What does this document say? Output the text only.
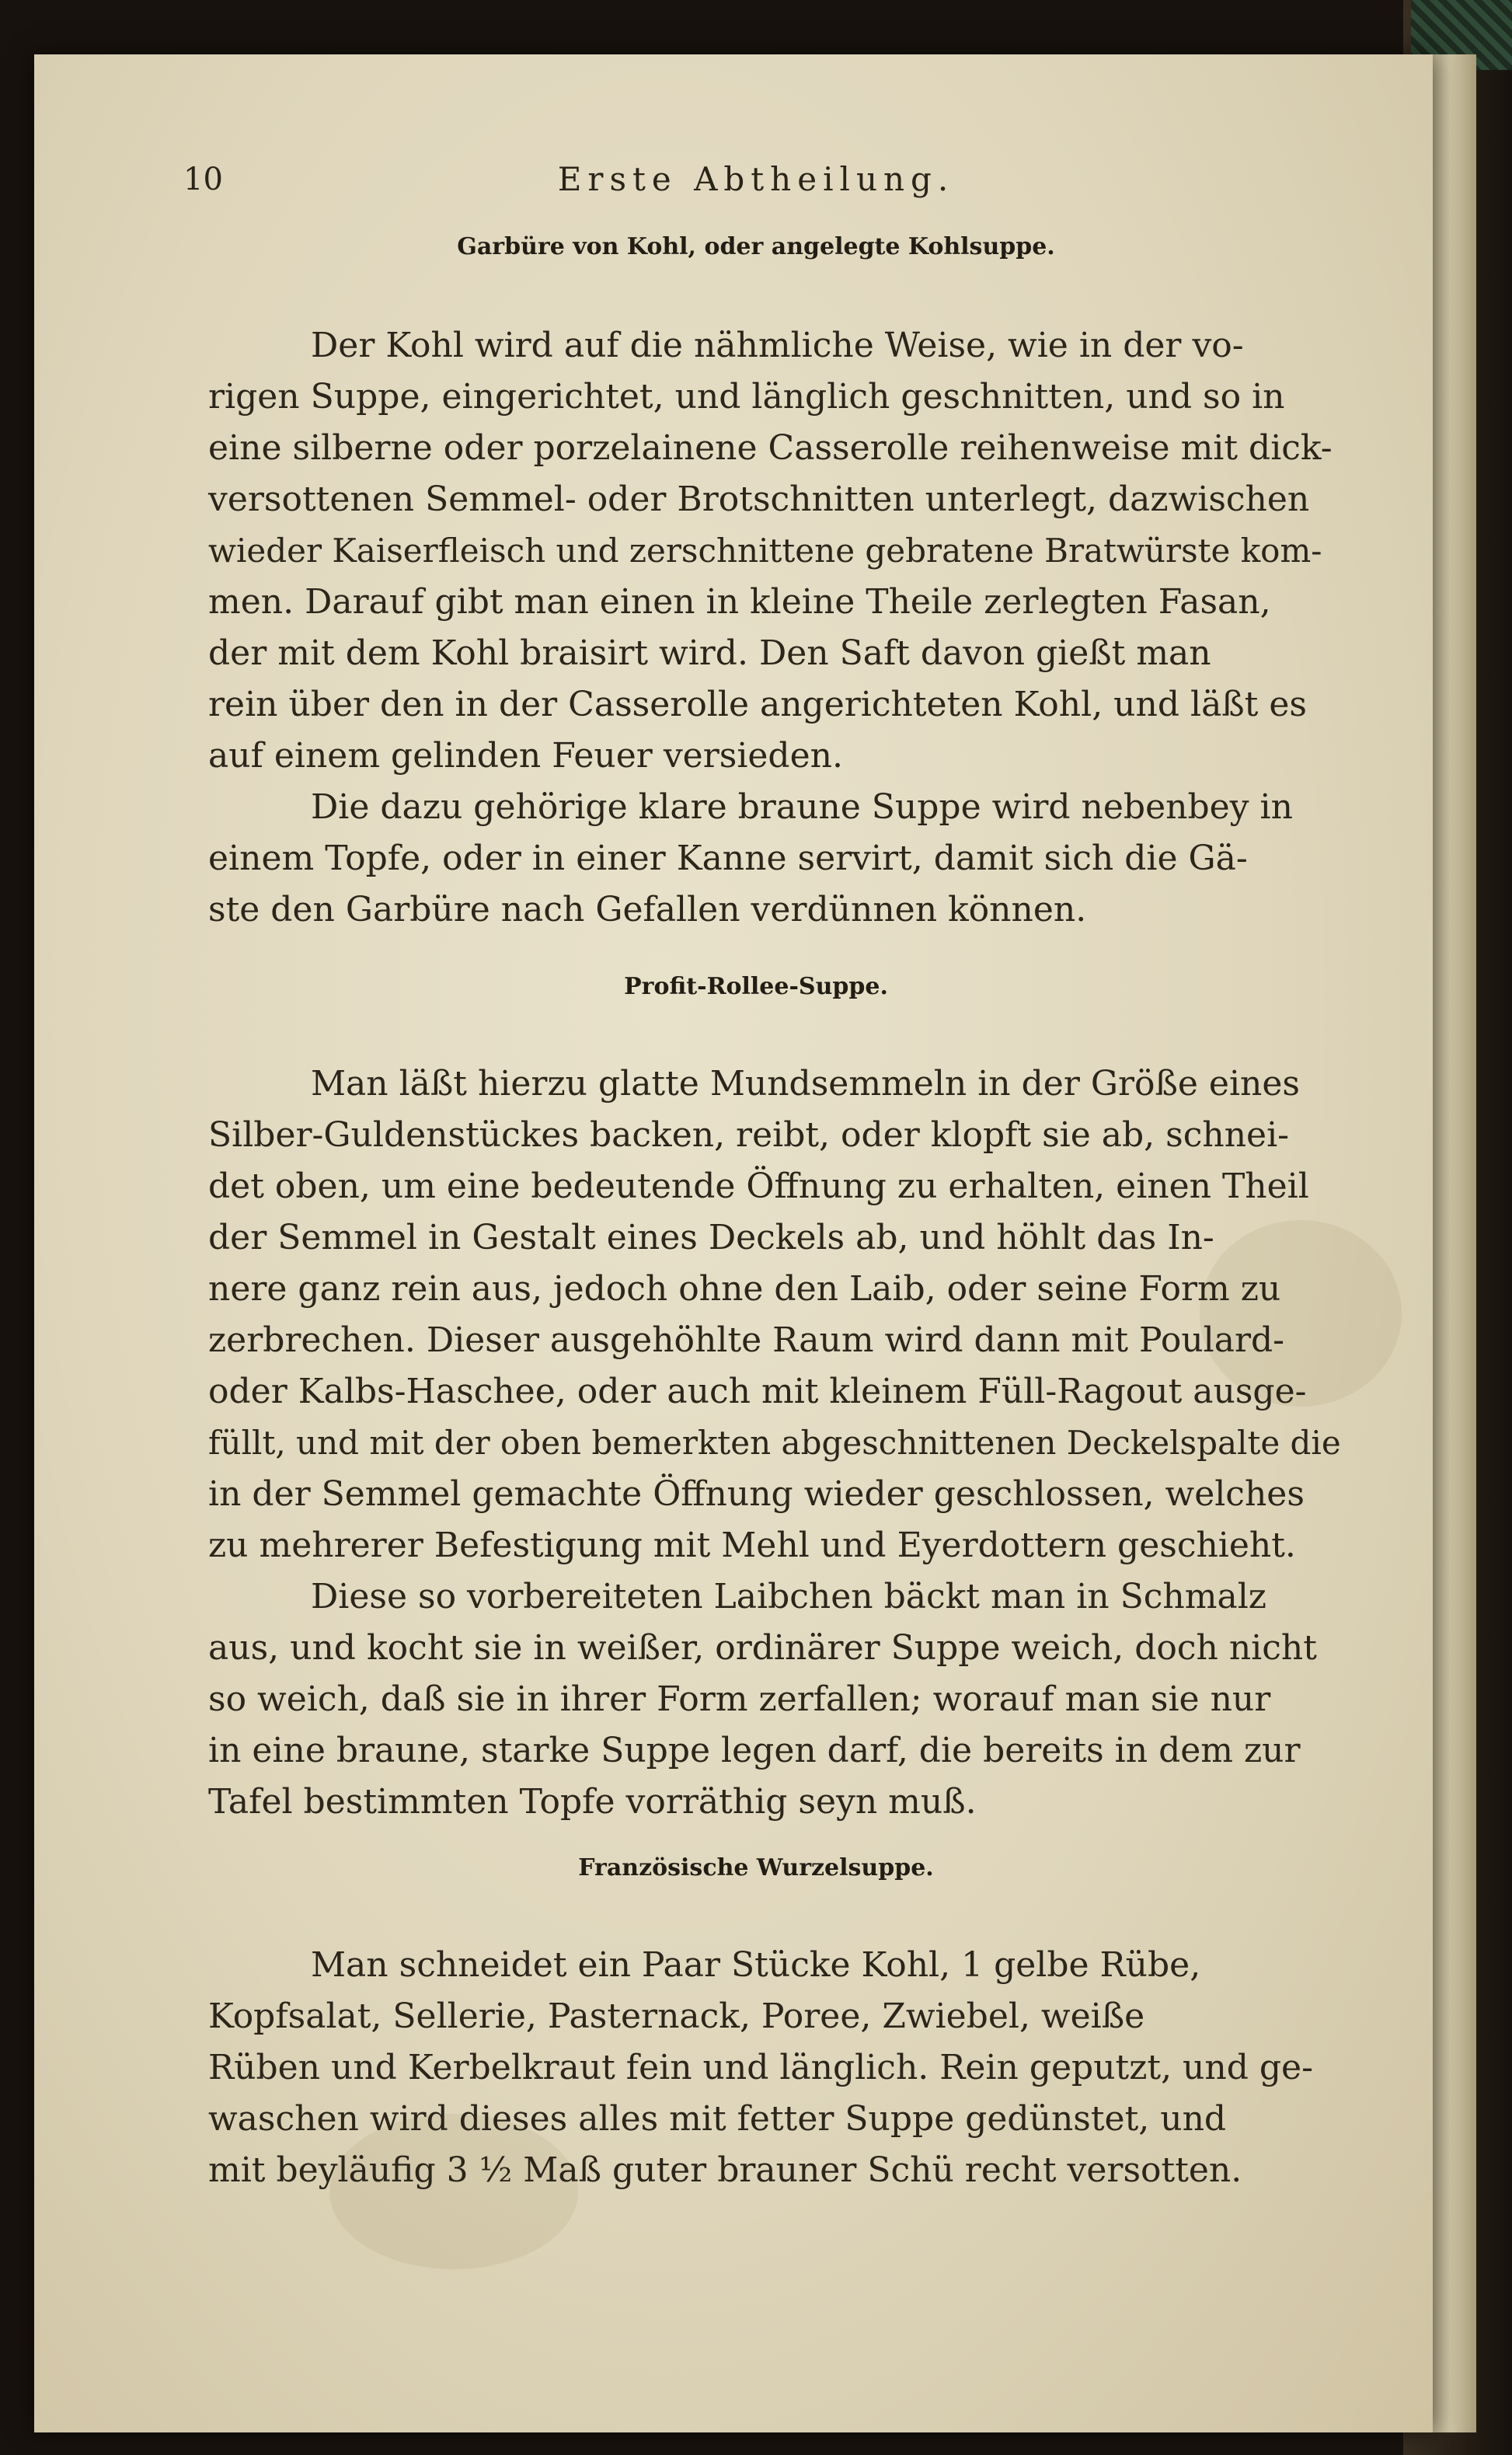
10	Erste Abtheilung.
Garbüre von Kohl, oder angelegte Kohlsuppe.
Der Kohl wird auf die nähmliche Weise, wie in der vo-
rigen Suppe, eingerichtet, und länglich geschnitten, und so in
eine silberne oder porzelainene Casserolle reihenweise mit dick-
versottenen Semmel- oder Brotschnitten unterlegt, dazwischen
wieder Kaiserfleisch und zerschnittene gebratene Bratwürste kom-
men. Darauf gibt man einen in kleine Theile zerlegten Fasan,
der mit dem Kohl braisirt wird. Den Saft davon gießt man
rein über den in der Casserolle angerichteten Kohl, und läßt es
auf einem gelinden Feuer versieden.
Die dazu gehörige klare braune Suppe wird nebenbey in
einem Topfe, oder in einer Kanne servirt, damit sich die Gä-
ste den Garbüre nach Gefallen verdünnen können.
Profit-Rollee-Suppe.
Man läßt hierzu glatte Mundsemmeln in der Größe eines
Silber-Guldenstückes backen, reibt, oder klopft sie ab, schnei-
det oben, um eine bedeutende Öffnung zu erhalten, einen Theil
der Semmel in Gestalt eines Deckels ab, und höhlt das In-
nere ganz rein aus, jedoch ohne den Laib, oder seine Form zu
zerbrechen. Dieser ausgehöhlte Raum wird dann mit Poulard-
oder Kalbs-Haschee, oder auch mit kleinem Füll-Ragout ausge-
füllt, und mit der oben bemerkten abgeschnittenen Deckelspalte die
in der Semmel gemachte Öffnung wieder geschlossen, welches
zu mehrerer Befestigung mit Mehl und Eyerdottern geschieht.
Diese so vorbereiteten Laibchen bäckt man in Schmalz
aus, und kocht sie in weißer, ordinärer Suppe weich, doch nicht
so weich, daß sie in ihrer Form zerfallen; worauf man sie nur
in eine braune, starke Suppe legen darf, die bereits in dem zur
Tafel bestimmten Topfe vorräthig seyn muß.
Französische Wurzelsuppe.
Man schneidet ein Paar Stücke Kohl, 1 gelbe Rübe,
Kopfsalat, Sellerie, Pasternack, Poree, Zwiebel, weiße
Rüben und Kerbelkraut fein und länglich. Rein geputzt, und ge-
waschen wird dieses alles mit fetter Suppe gedünstet, und
mit beyläufig 3 ½ Maß guter brauner Schü recht versotten.
